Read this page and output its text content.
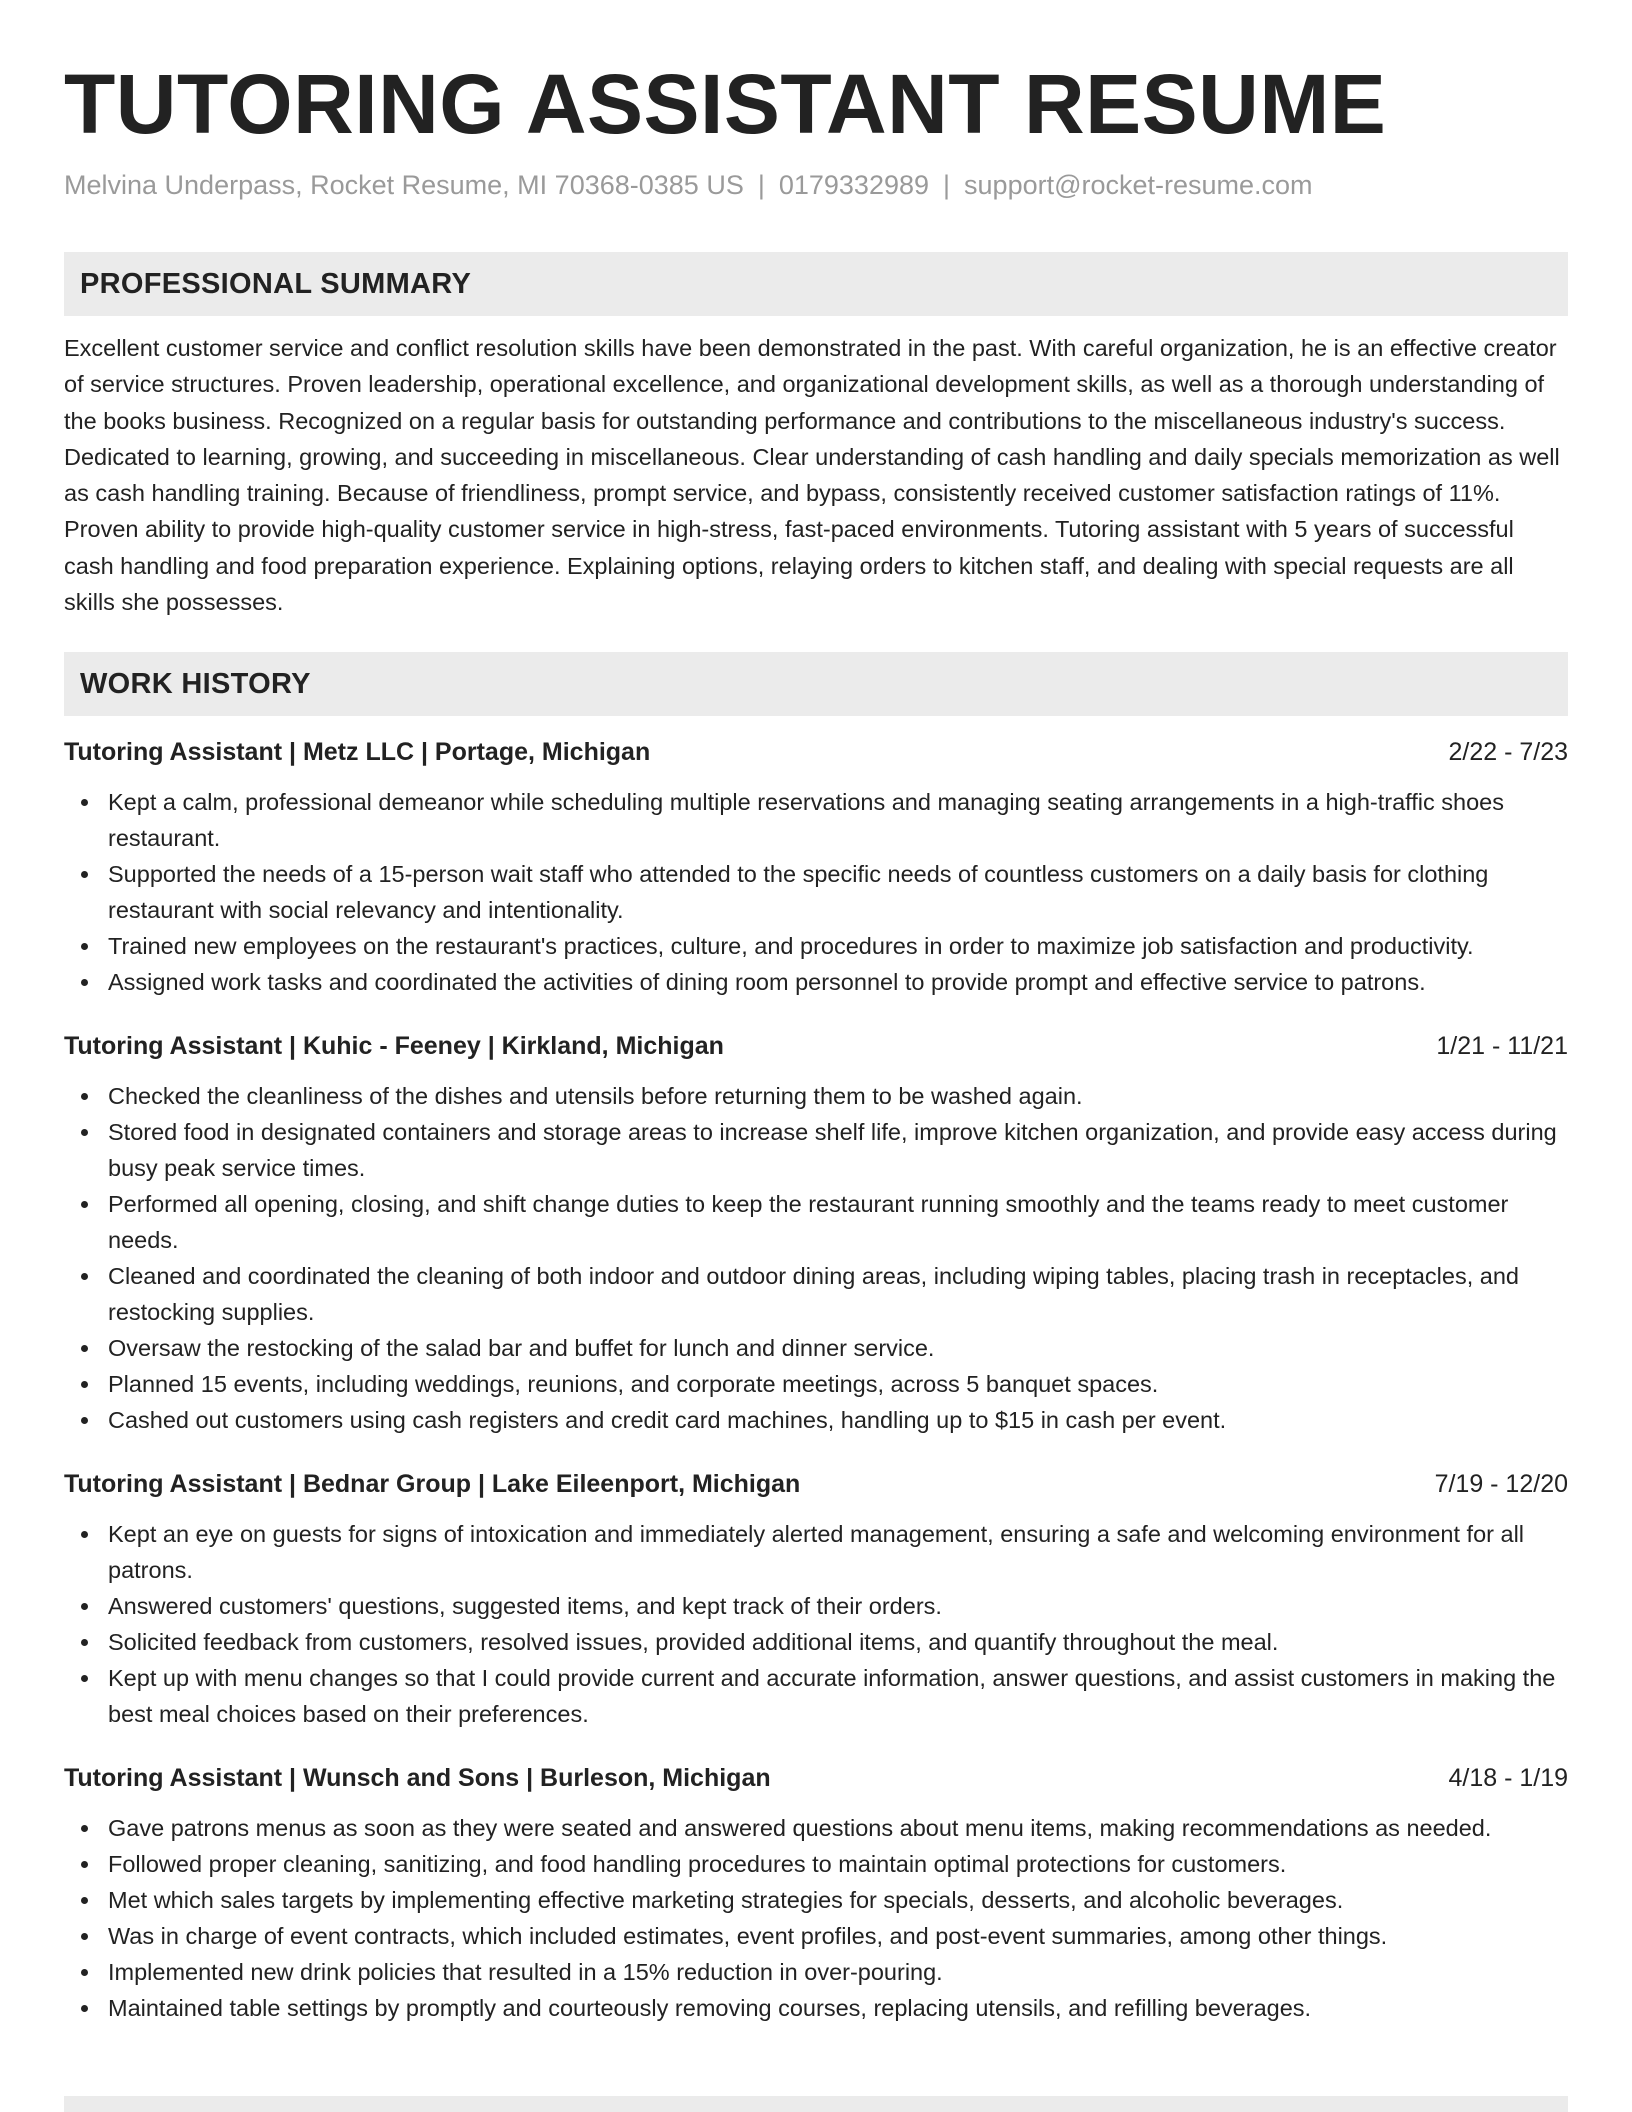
TUTORING ASSISTANT RESUME
Melvina Underpass, Rocket Resume, MI 70368-0385 US | 0179332989 | support@rocket-resume.com
PROFESSIONAL SUMMARY

Excellent customer service and conflict resolution skills have been demonstrated in the past. With careful organization, he is an effective creator of service structures. Proven leadership, operational excellence, and organizational development skills, as well as a thorough understanding of the books business. Recognized on a regular basis for outstanding performance and contributions to the miscellaneous industry's success. Dedicated to learning, growing, and succeeding in miscellaneous. Clear understanding of cash handling and daily specials memorization as well as cash handling training. Because of friendliness, prompt service, and bypass, consistently received customer satisfaction ratings of 11%. Proven ability to provide high-quality customer service in high-stress, fast-paced environments. Tutoring assistant with 5 years of successful cash handling and food preparation experience. Explaining options, relaying orders to kitchen staff, and dealing with special requests are all skills she possesses.

WORK HISTORY
Tutoring Assistant | Metz LLC | Portage, Michigan	2/22 - 7/23
Kept a calm, professional demeanor while scheduling multiple reservations and managing seating arrangements in a high-traffic shoes restaurant.
Supported the needs of a 15-person wait staff who attended to the specific needs of countless customers on a daily basis for clothing restaurant with social relevancy and intentionality.
Trained new employees on the restaurant's practices, culture, and procedures in order to maximize job satisfaction and productivity.
Assigned work tasks and coordinated the activities of dining room personnel to provide prompt and effective service to patrons.
Tutoring Assistant | Kuhic - Feeney | Kirkland, Michigan	1/21 - 11/21
Checked the cleanliness of the dishes and utensils before returning them to be washed again.
Stored food in designated containers and storage areas to increase shelf life, improve kitchen organization, and provide easy access during busy peak service times.
Performed all opening, closing, and shift change duties to keep the restaurant running smoothly and the teams ready to meet customer needs.
Cleaned and coordinated the cleaning of both indoor and outdoor dining areas, including wiping tables, placing trash in receptacles, and restocking supplies.
Oversaw the restocking of the salad bar and buffet for lunch and dinner service.
Planned 15 events, including weddings, reunions, and corporate meetings, across 5 banquet spaces.
Cashed out customers using cash registers and credit card machines, handling up to $15 in cash per event.
Tutoring Assistant | Bednar Group | Lake Eileenport, Michigan	7/19 - 12/20
Kept an eye on guests for signs of intoxication and immediately alerted management, ensuring a safe and welcoming environment for all patrons.
Answered customers' questions, suggested items, and kept track of their orders.
Solicited feedback from customers, resolved issues, provided additional items, and quantify throughout the meal.
Kept up with menu changes so that I could provide current and accurate information, answer questions, and assist customers in making the best meal choices based on their preferences.
Tutoring Assistant | Wunsch and Sons | Burleson, Michigan	4/18 - 1/19
Gave patrons menus as soon as they were seated and answered questions about menu items, making recommendations as needed.
Followed proper cleaning, sanitizing, and food handling procedures to maintain optimal protections for customers.
Met which sales targets by implementing effective marketing strategies for specials, desserts, and alcoholic beverages.
Was in charge of event contracts, which included estimates, event profiles, and post-event summaries, among other things.
Implemented new drink policies that resulted in a 15% reduction in over-pouring.
Maintained table settings by promptly and courteously removing courses, replacing utensils, and refilling beverages.
